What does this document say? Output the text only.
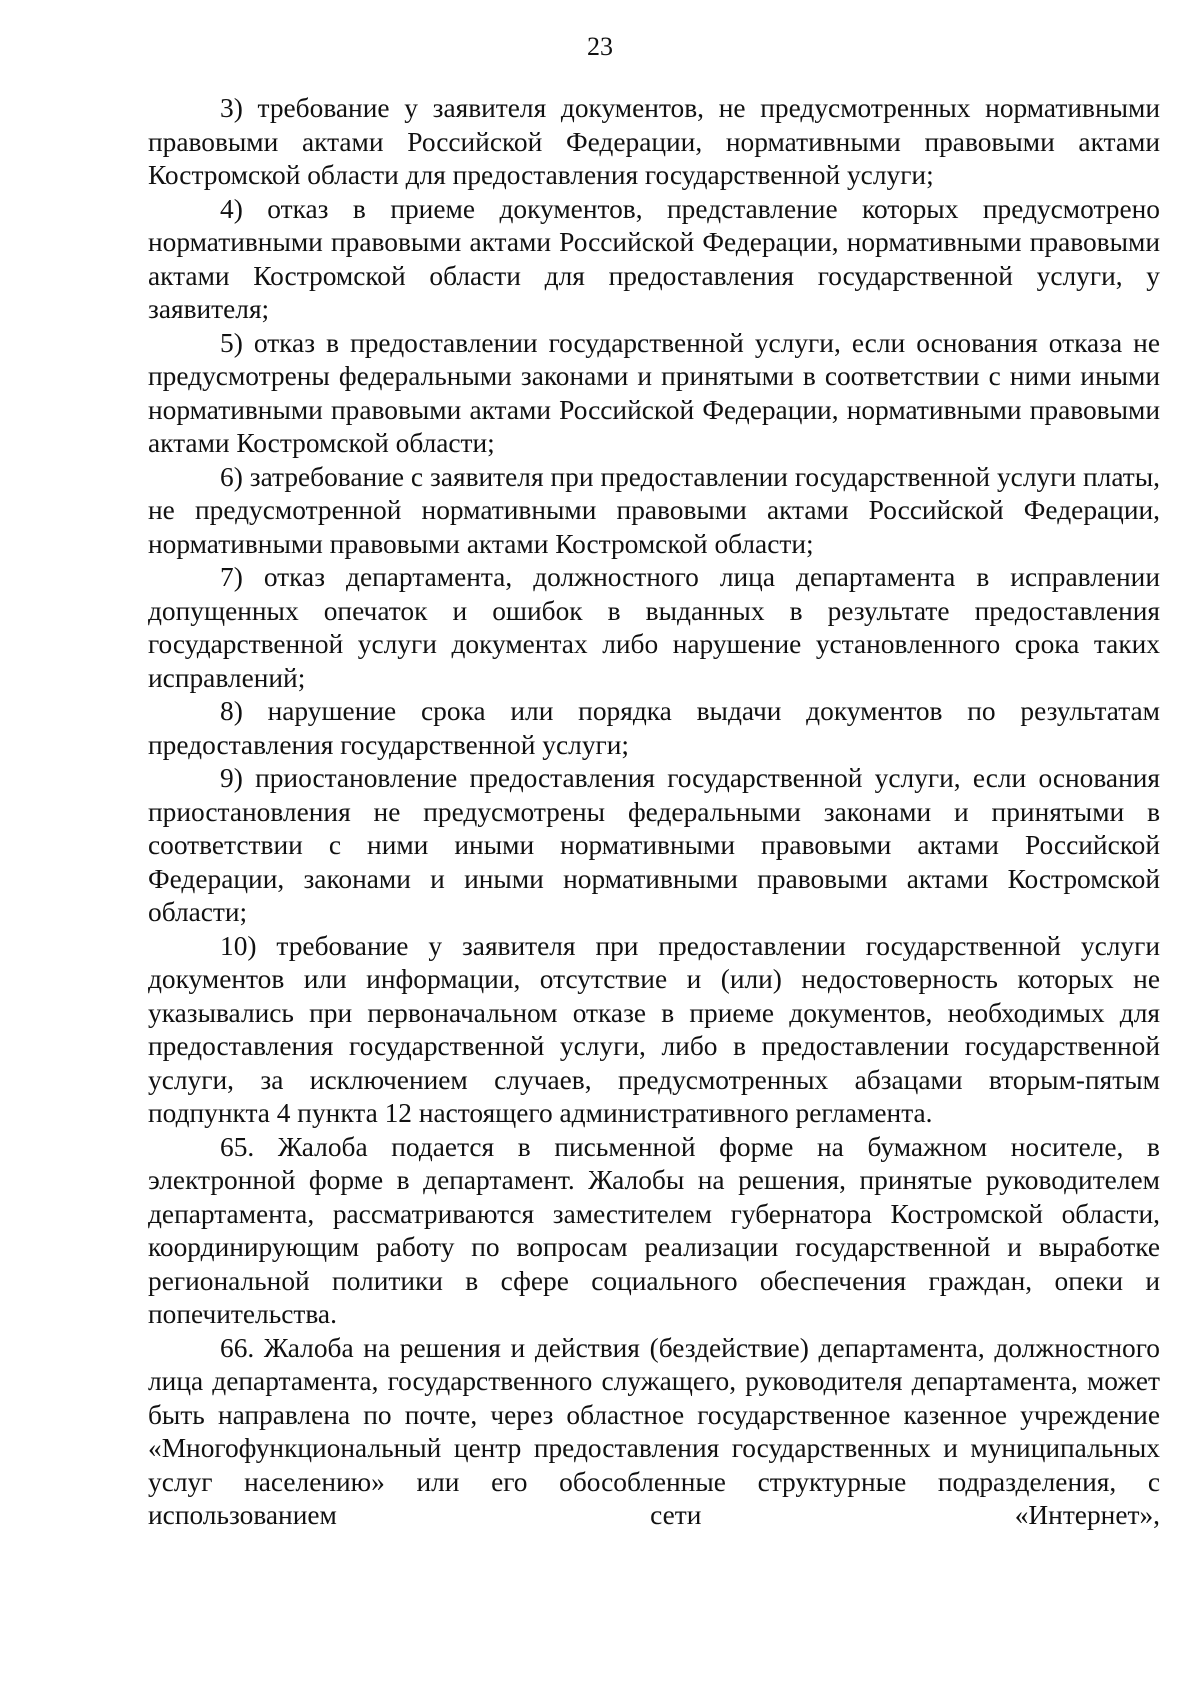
23

3) требование у заявителя документов, не предусмотренных нормативными правовыми актами Российской Федерации, нормативными правовыми актами Костромской области для предоставления государственной услуги;

4) отказ в приеме документов, представление которых предусмотрено нормативными правовыми актами Российской Федерации, нормативными правовыми актами Костромской области для предоставления государственной услуги, у заявителя;

5) отказ в предоставлении государственной услуги, если основания отказа не предусмотрены федеральными законами и принятыми в соответствии с ними иными нормативными правовыми актами Российской Федерации, нормативными правовыми актами Костромской области;

6) затребование с заявителя при предоставлении государственной услуги платы, не предусмотренной нормативными правовыми актами Российской Федерации, нормативными правовыми актами Костромской области;

7) отказ департамента, должностного лица департамента в исправлении допущенных опечаток и ошибок в выданных в результате предоставления государственной услуги документах либо нарушение установленного срока таких исправлений;

8) нарушение срока или порядка выдачи документов по результатам предоставления государственной услуги;

9) приостановление предоставления государственной услуги, если основания приостановления не предусмотрены федеральными законами и принятыми в соответствии с ними иными нормативными правовыми актами Российской Федерации, законами и иными нормативными правовыми актами Костромской области;

10) требование у заявителя при предоставлении государственной услуги документов или информации, отсутствие и (или) недостоверность которых не указывались при первоначальном отказе в приеме документов, необходимых для предоставления государственной услуги, либо в предоставлении государственной услуги, за исключением случаев, предусмотренных абзацами вторым-пятым подпункта 4 пункта 12 настоящего административного регламента.

65. Жалоба подается в письменной форме на бумажном носителе, в электронной форме в департамент. Жалобы на решения, принятые руководителем департамента, рассматриваются заместителем губернатора Костромской области, координирующим работу по вопросам реализации государственной и выработке региональной политики в сфере социального обеспечения граждан, опеки и попечительства.

66. Жалоба на решения и действия (бездействие) департамента, должностного лица департамента, государственного служащего, руководителя департамента, может быть направлена по почте, через областное государственное казенное учреждение «Многофункциональный центр предоставления государственных и муниципальных услуг населению» или его обособленные структурные подразделения, с использованием сети «Интернет»,
